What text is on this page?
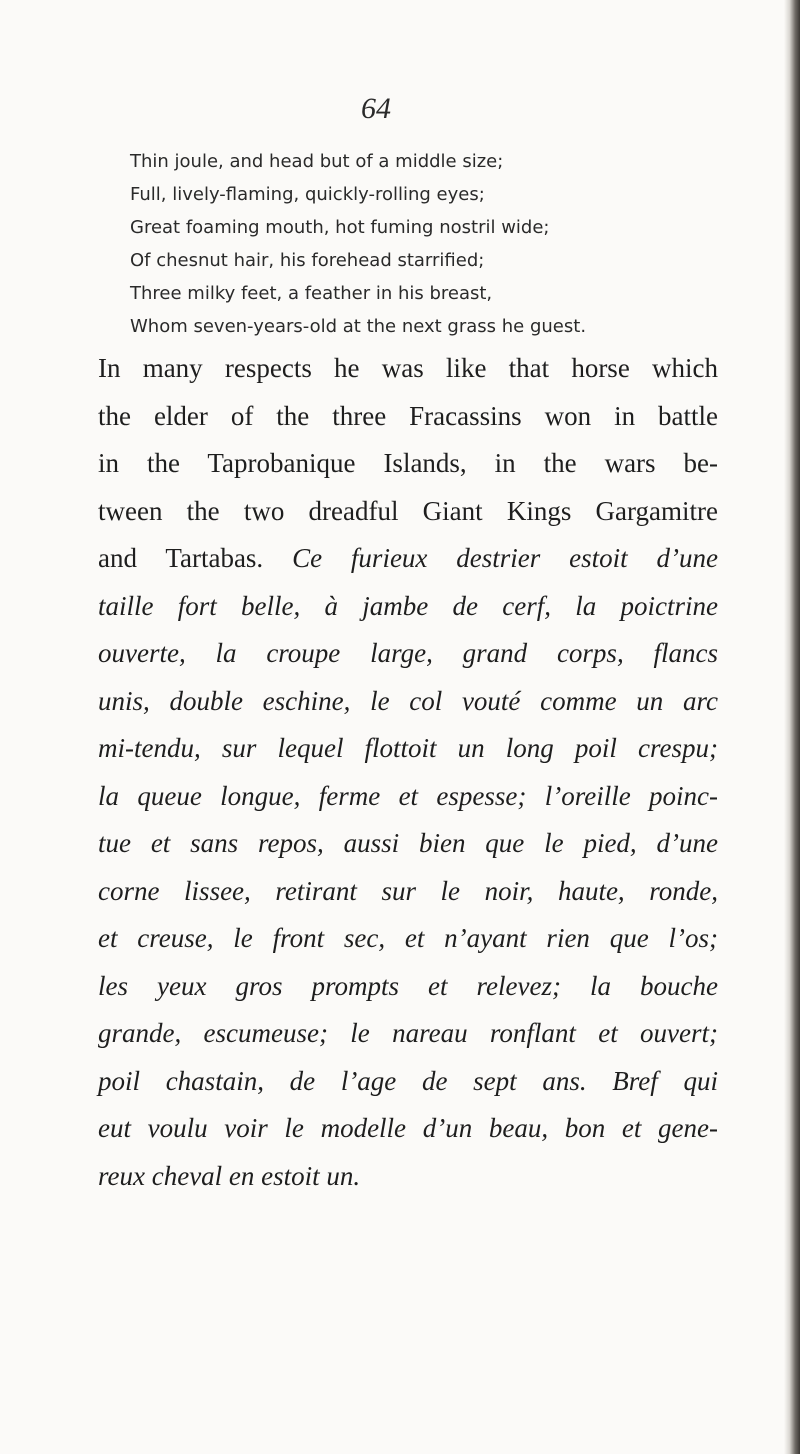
64
Thin joule, and head but of a middle size;
Full, lively-flaming, quickly-rolling eyes;
Great foaming mouth, hot fuming nostril wide;
Of chesnut hair, his forehead starrified;
Three milky feet, a feather in his breast,
Whom seven-years-old at the next grass he guest.
In many respects he was like that horse which
the elder of the three Fracassins won in battle
in the Taprobanique Islands, in the wars be-
tween the two dreadful Giant Kings Gargamitre
and Tartabas. Ce furieux destrier estoit d’une
taille fort belle, à jambe de cerf, la poictrine
ouverte, la croupe large, grand corps, flancs
unis, double eschine, le col vouté comme un arc
mi-tendu, sur lequel flottoit un long poil crespu;
la queue longue, ferme et espesse; l’oreille poinc-
tue et sans repos, aussi bien que le pied, d’une
corne lissee, retirant sur le noir, haute, ronde,
et creuse, le front sec, et n’ayant rien que l’os;
les yeux gros prompts et relevez; la bouche
grande, escumeuse; le nareau ronflant et ouvert;
poil chastain, de l’age de sept ans. Bref qui
eut voulu voir le modelle d’un beau, bon et gene-
reux cheval en estoit un.
